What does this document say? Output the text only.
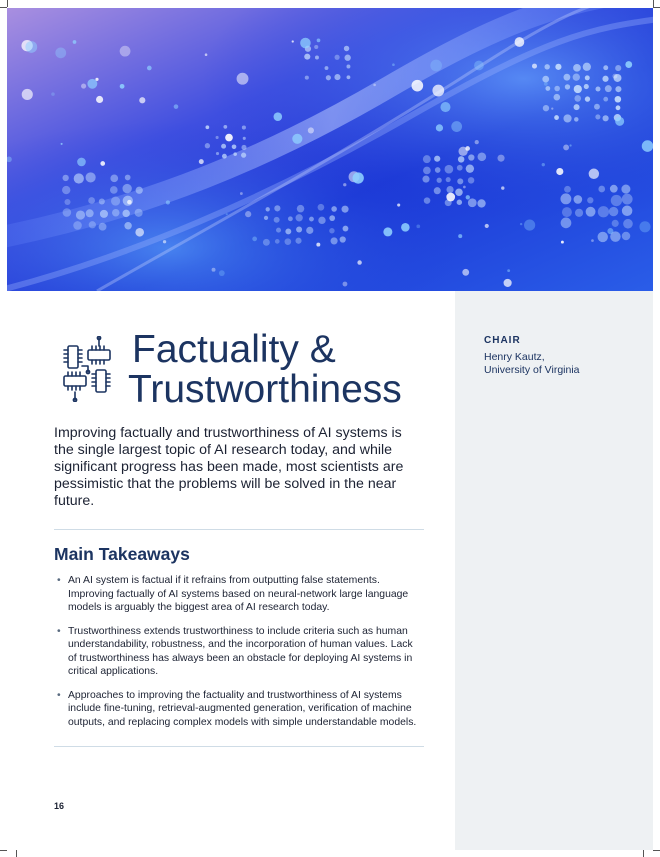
CHAIR
Henry Kautz,
University of Virginia
Factuality &
Trustworthiness

Improving factually and trustworthiness of AI systems is the single largest topic of AI research today, and while significant progress has been made, most scientists are pessimistic that the problems will be solved in the near future.

Main Takeaways
• An AI system is factual if it refrains from outputting false statements. Improving factually of AI systems based on neural-network large language models is arguably the biggest area of AI research today.
• Trustworthiness extends trustworthiness to include criteria such as human understandability, robustness, and the incorporation of human values. Lack of trustworthiness has always been an obstacle for deploying AI systems in critical applications.
• Approaches to improving the factuality and trustworthiness of AI systems include fine-tuning, retrieval-augmented generation, verification of machine outputs, and replacing complex models with simple understandable models.
16
